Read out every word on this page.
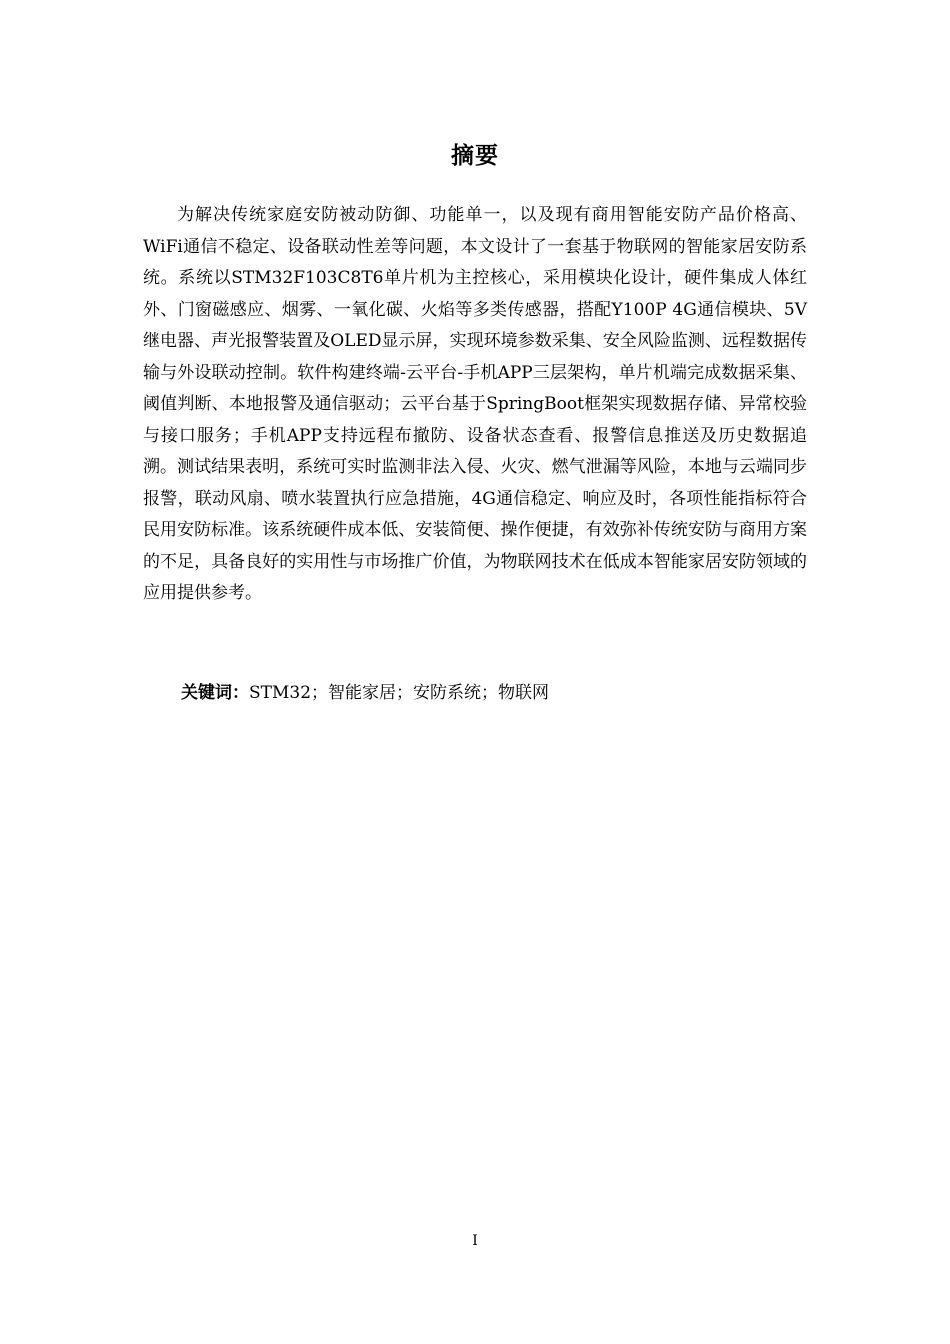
摘要

为解决传统家庭安防被动防御、功能单一，以及现有商用智能安防产品价格高、WiFi通信不稳定、设备联动性差等问题，本文设计了一套基于物联网的智能家居安防系统。系统以STM32F103C8T6单片机为主控核心，采用模块化设计，硬件集成人体红外、门窗磁感应、烟雾、一氧化碳、火焰等多类传感器，搭配Y100P 4G通信模块、5V继电器、声光报警装置及OLED显示屏，实现环境参数采集、安全风险监测、远程数据传输与外设联动控制。软件构建终端-云平台-手机APP三层架构，单片机端完成数据采集、阈值判断、本地报警及通信驱动；云平台基于SpringBoot框架实现数据存储、异常校验与接口服务；手机APP支持远程布撤防、设备状态查看、报警信息推送及历史数据追溯。测试结果表明，系统可实时监测非法入侵、火灾、燃气泄漏等风险，本地与云端同步报警，联动风扇、喷水装置执行应急措施，4G通信稳定、响应及时，各项性能指标符合民用安防标准。该系统硬件成本低、安装简便、操作便捷，有效弥补传统安防与商用方案的不足，具备良好的实用性与市场推广价值，为物联网技术在低成本智能家居安防领域的应用提供参考。

关键词：STM32；智能家居；安防系统；物联网

I
